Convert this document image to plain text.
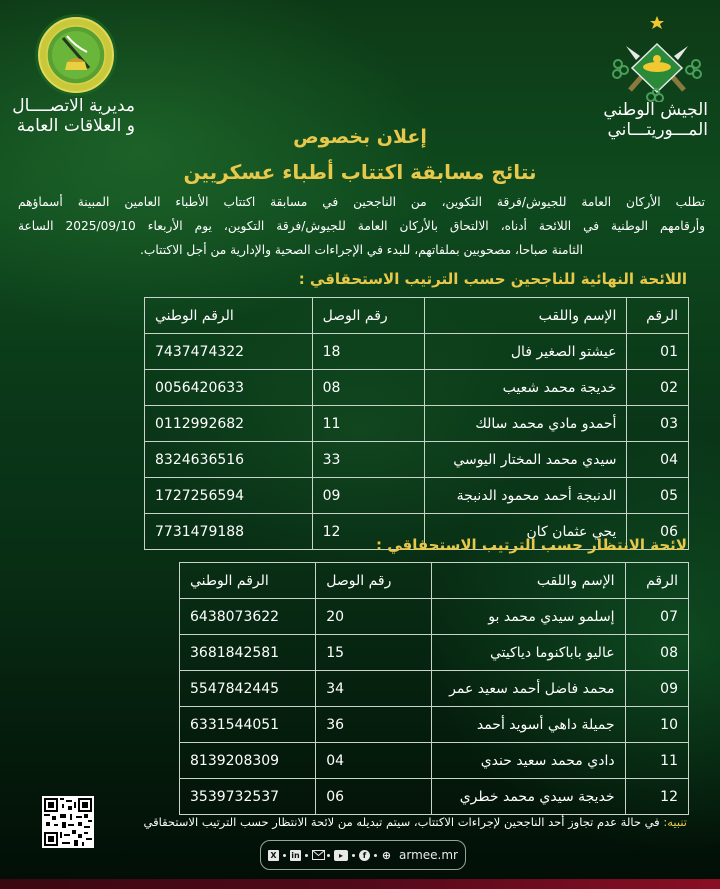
مديرية الاتصــــال
و العلاقات العامة
الجيش الوطني
المـــوريتـــاني
إعلان بخصوص
نتائج مسابقة اكتتاب أطباء عسكريين

تطلب الأركان العامة للجيوش/فرقة التكوين، من الناجحين في مسابقة اكتتاب الأطباء العامين المبينة أسماؤهم

وأرقامهم الوطنية في اللائحة أدناه، الالتحاق بالأركان العامة للجيوش/فرقة التكوين، يوم الأربعاء 2025/09/10 الساعة

الثامنة صباحا، مصحوبين بملفاتهم، للبدء في الإجراءات الصحية والإدارية من أجل الاكتتاب.

اللائحة النهائية للناجحين حسب الترتيب الاستحقاقي :
الرقم	الإسم واللقب	رقم الوصل	الرقم الوطني
01	عيشتو الصغير فال	18	7437474322
02	خديجة محمد شعيب	08	0056420633
03	أحمدو مادي محمد سالك	11	0112992682
04	سيدي محمد المختار اليوسي	33	8324636516
05	الدنبجة أحمد محمود الدنبجة	09	1727256594
06	يحي عثمان كان	12	7731479188
لائحة الانتظار حسب الترتيب الاستحقاقي :
الرقم	الإسم واللقب	رقم الوصل	الرقم الوطني
07	إسلمو سيدي محمد بو	20	6438073622
08	عاليو باباكنوما دياكيتي	15	3681842581
09	محمد فاضل أحمد سعيد عمر	34	5547842445
10	جميلة داهي أسويد أحمد	36	6331544051
11	دادي محمد سعيد حندي	04	8139208309
12	خديجة سيدي محمد خطري	06	3539732537
تنبيه: في حالة عدم تجاوز أحد الناجحين لإجراءات الاكتتاب، سيتم تبديله من لائحة الانتظار حسب الترتيب الاستحقاقي
X	in	▸	f	⊕ armee.mr
